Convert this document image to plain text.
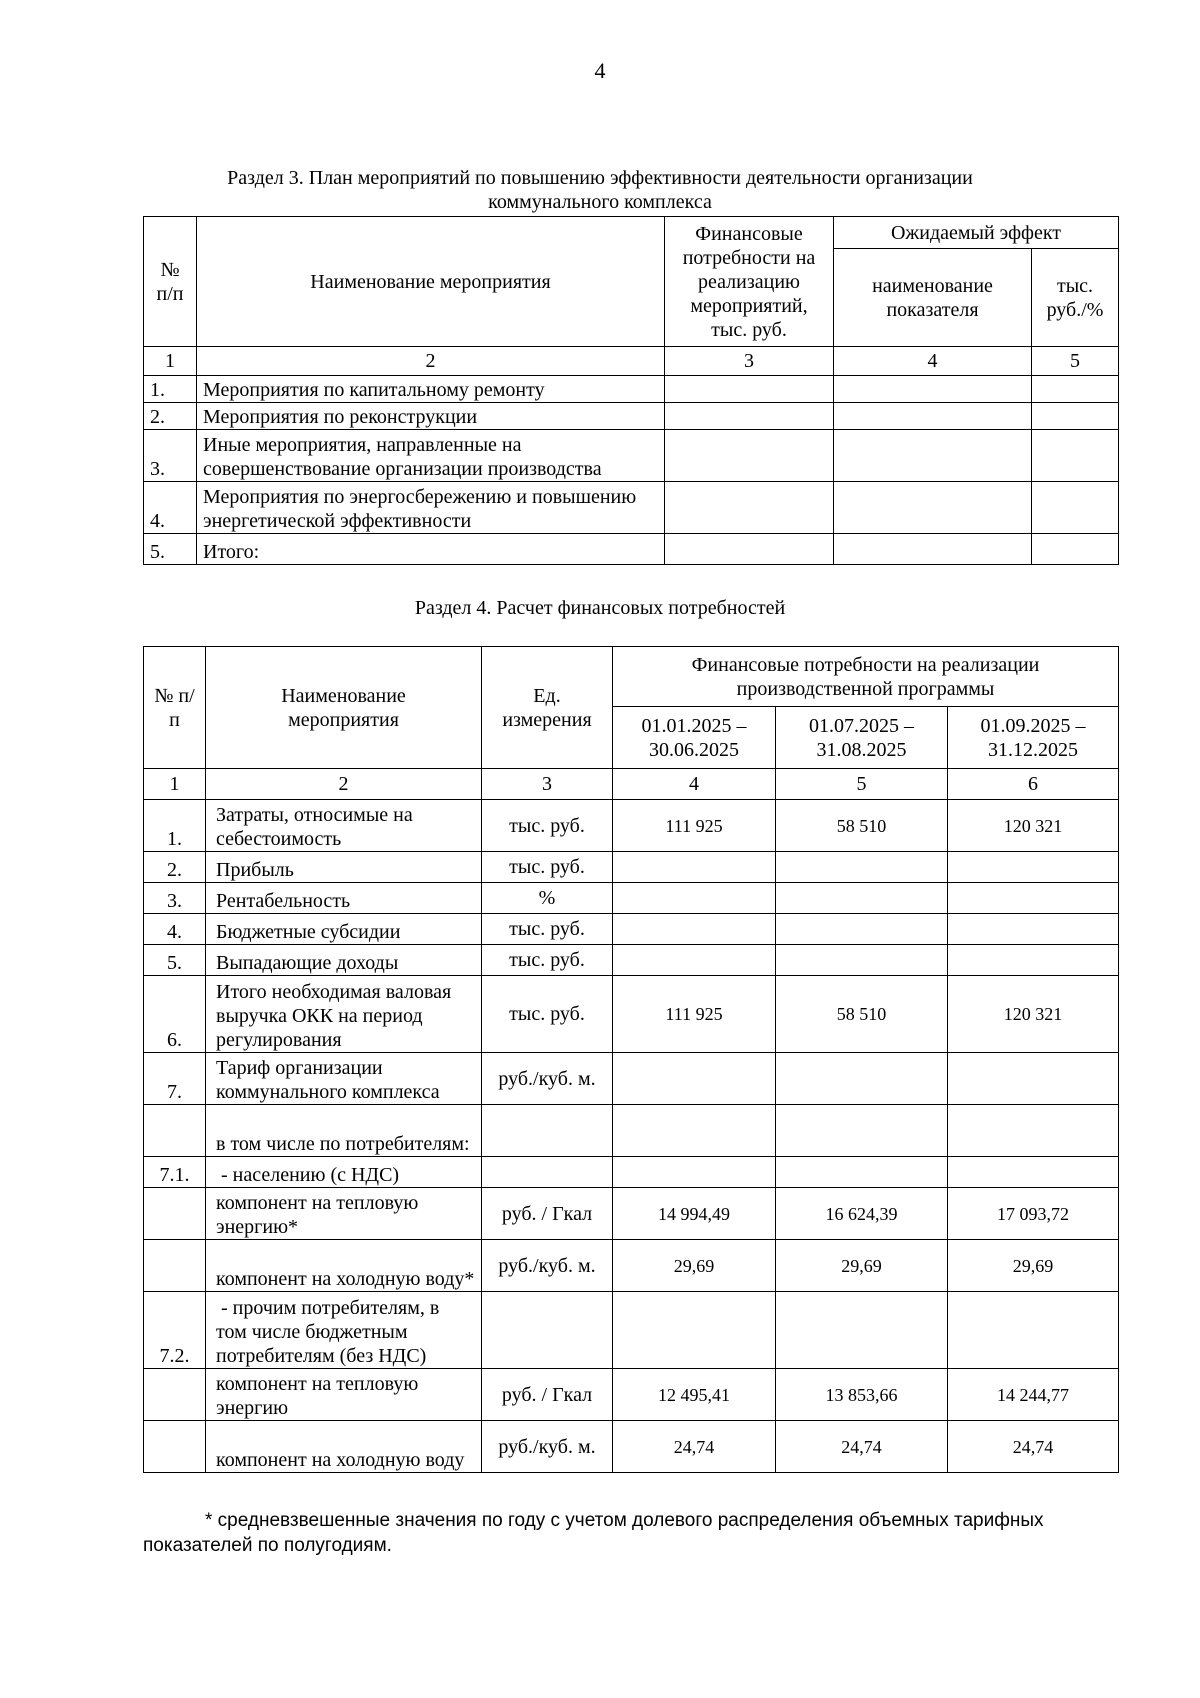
4
Раздел 3. План мероприятий по повышению эффективности деятельности организации
коммунального комплекса
№ п/п	Наименование мероприятия	Финансовые потребности на реализацию мероприятий, тыс. руб.	Ожидаемый эффект	
			наименование показателя	тыс. руб./%
1	2	3	4	5
1.	Мероприятия по капитальному ремонту			
2.	Мероприятия по реконструкции			
3.	Иные мероприятия, направленные на совершенствование организации производства			
4.	Мероприятия по энергосбережению и повышению энергетической эффективности			
5.	Итого:			
Раздел 4. Расчет финансовых потребностей
№ п/п	Наименование мероприятия	Ед. измерения	Финансовые потребности на реализации производственной программы		
			01.01.2025 – 30.06.2025	01.07.2025 – 31.08.2025	01.09.2025 – 31.12.2025
1	2	3	4	5	6
1.	Затраты, относимые на себестоимость	тыс. руб.	111 925	58 510	120 321
2.	Прибыль	тыс. руб.			
3.	Рентабельность	%			
4.	Бюджетные субсидии	тыс. руб.			
5.	Выпадающие доходы	тыс. руб.			
6.	Итого необходимая валовая выручка ОКК на период регулирования	тыс. руб.	111 925	58 510	120 321
7.	Тариф организации коммунального комплекса	руб./куб. м.			
	в том числе по потребителям:				
7.1.	- населению (с НДС)				
	компонент на тепловую энергию*	руб. / Гкал	14 994,49	16 624,39	17 093,72
	компонент на холодную воду*	руб./куб. м.	29,69	29,69	29,69
7.2.	- прочим потребителям, в том числе бюджетным потребителям (без НДС)				
	компонент на тепловую энергию	руб. / Гкал	12 495,41	13 853,66	14 244,77
	компонент на холодную воду	руб./куб. м.	24,74	24,74	24,74
* средневзвешенные значения по году с учетом долевого распределения объемных тарифных
показателей по полугодиям.
